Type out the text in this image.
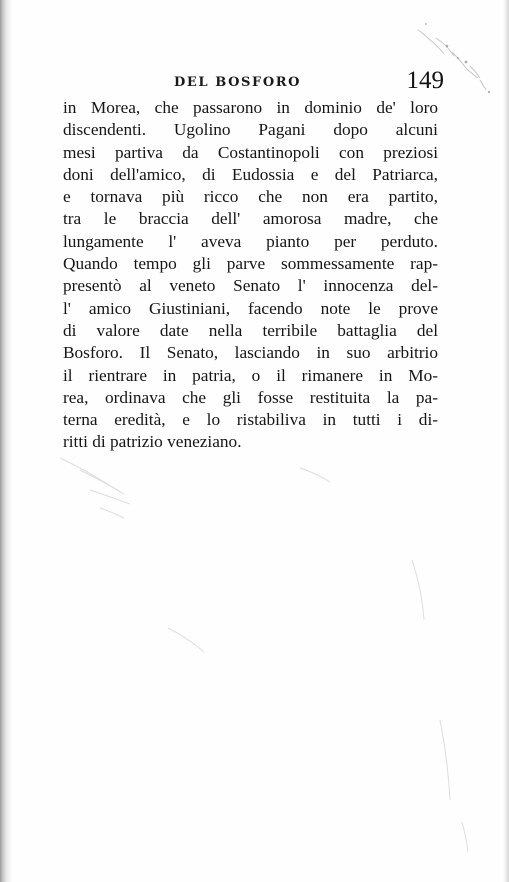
DEL BOSFORO	149
in Morea, che passarono in dominio de' loro
discendenti. Ugolino Pagani dopo alcuni
mesi partiva da Costantinopoli con preziosi
doni dell'amico, di Eudossia e del Patriarca,
e tornava più ricco che non era partito,
tra le braccia dell' amorosa madre, che
lungamente l' aveva pianto per perduto.
Quando tempo gli parve sommessamente rap-
presentò al veneto Senato l' innocenza del-
l' amico Giustiniani, facendo note le prove
di valore date nella terribile battaglia del
Bosforo. Il Senato, lasciando in suo arbitrio
il rientrare in patria, o il rimanere in Mo-
rea, ordinava che gli fosse restituita la pa-
terna eredità, e lo ristabiliva in tutti i di-
ritti di patrizio veneziano.
